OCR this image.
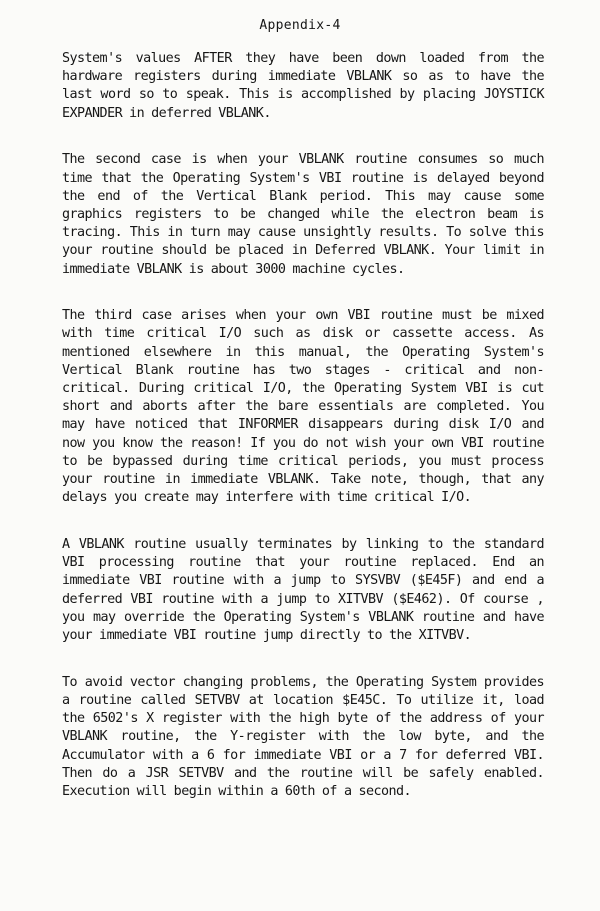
Appendix-4

System's values AFTER they have been down loaded from the hardware registers during immediate VBLANK so as to have the last word so to speak. This is accomplished by placing JOYSTICK EXPANDER in deferred VBLANK.

The second case is when your VBLANK routine consumes so much time that the Operating System's VBI routine is delayed beyond the end of the Vertical Blank period. This may cause some graphics registers to be changed while the electron beam is tracing. This in turn may cause unsightly results. To solve this your routine should be placed in Deferred VBLANK. Your limit in immediate VBLANK is about 3000 machine cycles.

The third case arises when your own VBI routine must be mixed with time critical I/O such as disk or cassette access. As mentioned elsewhere in this manual, the Operating System's Vertical Blank routine has two stages - critical and non-critical. During critical I/O, the Operating System VBI is cut short and aborts after the bare essentials are completed. You may have noticed that INFORMER disappears during disk I/O and now you know the reason! If you do not wish your own VBI routine to be bypassed during time critical periods, you must process your routine in immediate VBLANK. Take note, though, that any delays you create may interfere with time critical I/O.

A VBLANK routine usually terminates by linking to the standard VBI processing routine that your routine replaced. End an immediate VBI routine with a jump to SYSVBV ($E45F) and end a deferred VBI routine with a jump to XITVBV ($E462). Of course , you may override the Operating System's VBLANK routine and have your immediate VBI routine jump directly to the XITVBV.

To avoid vector changing problems, the Operating System provides a routine called SETVBV at location $E45C. To utilize it, load the 6502's X register with the high byte of the address of your VBLANK routine, the Y-register with the low byte, and the Accumulator with a 6 for immediate VBI or a 7 for deferred VBI. Then do a JSR SETVBV and the routine will be safely enabled. Execution will begin within a 60th of a second.
